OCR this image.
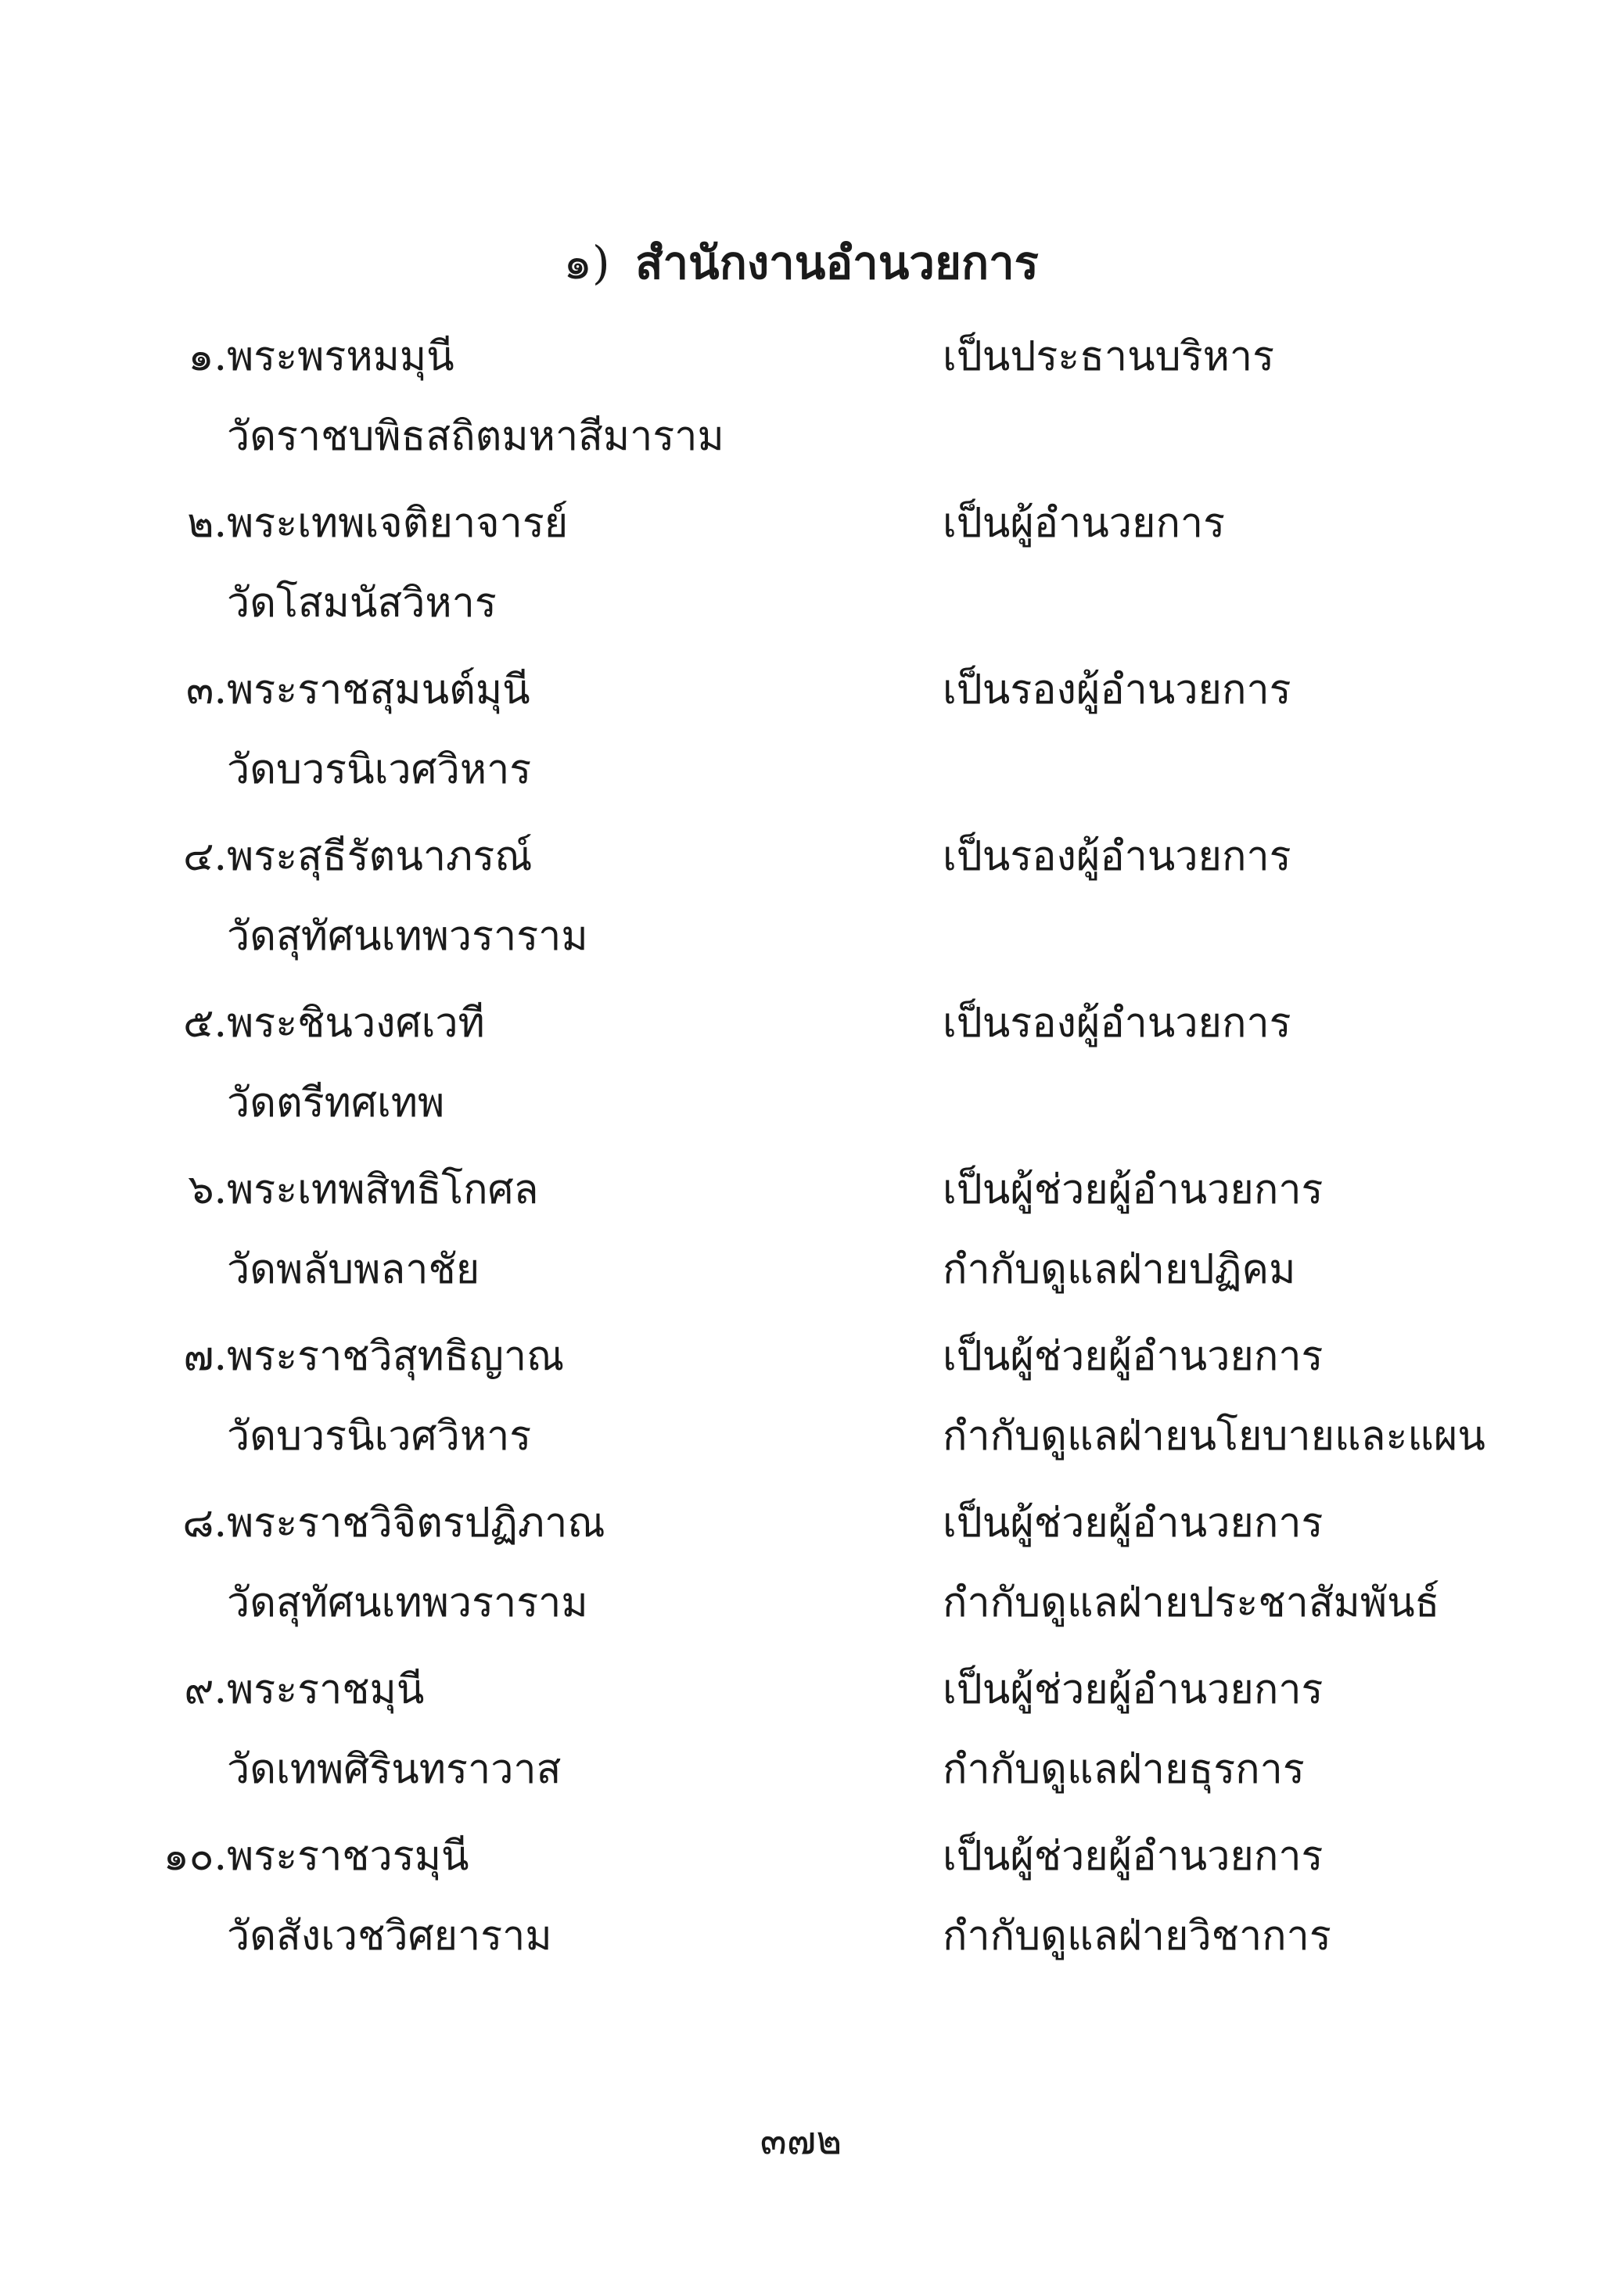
๑) สำนักงานอำนวยการ
๑. พระพรหมมุนี
วัดราชบพิธสถิตมหาสีมาราม
เป็นประธานบริหาร
๒. พระเทพเจติยาจารย์
วัดโสมนัสวิหาร
เป็นผู้อำนวยการ
๓. พระราชสุมนต์มุนี
วัดบวรนิเวศวิหาร
เป็นรองผู้อำนวยการ
๔. พระสุธีรัตนาภรณ์
วัดสุทัศนเทพวราราม
เป็นรองผู้อำนวยการ
๕. พระชินวงศเวที
วัดตรีทศเทพ
เป็นรองผู้อำนวยการ
๖. พระเทพสิทธิโกศล
วัดพลับพลาชัย
เป็นผู้ช่วยผู้อำนวยการ
กำกับดูแลฝ่ายปฏิคม
๗. พระราชวิสุทธิญาณ
วัดบวรนิเวศวิหาร
เป็นผู้ช่วยผู้อำนวยการ
กำกับดูแลฝ่ายนโยบายและแผน
๘. พระราชวิจิตรปฏิภาณ
วัดสุทัศนเทพวราราม
เป็นผู้ช่วยผู้อำนวยการ
กำกับดูแลฝ่ายประชาสัมพันธ์
๙. พระราชมุนี
วัดเทพศิรินทราวาส
เป็นผู้ช่วยผู้อำนวยการ
กำกับดูแลฝ่ายธุรการ
๑๐. พระราชวรมุนี
วัดสังเวชวิศยาราม
เป็นผู้ช่วยผู้อำนวยการ
กำกับดูแลฝ่ายวิชาการ
๓๗๒
